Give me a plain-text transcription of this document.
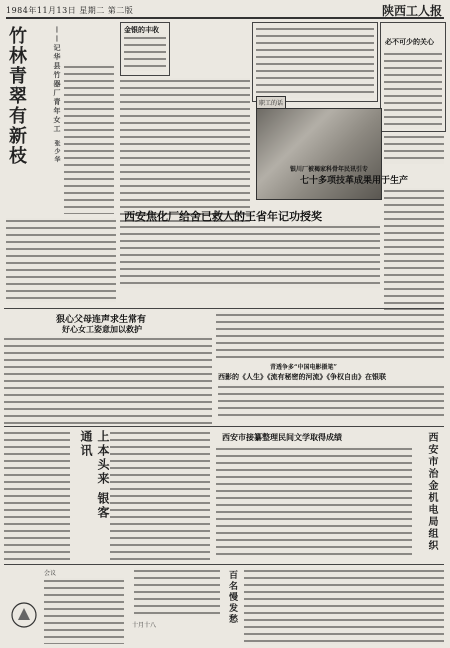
1984年11月13日 星期二 第二版	陕西工人报
竹林青翠有新枝	——记华县竹器厂青年女工
张少华
金银的丰收
职工的话
必不可少的关心
银川厂被褐家科骨年民讯引专
七十多项技革成果用于生产
西安焦化厂给舍已救人的王省年记功授奖
狠心父母连声求生常有
好心女工姿意加以救护
青透争多“中国电影摄笔”
西影的《人生》《流有秘密的河流》《争权自由》在银联
上本头来 银客通讯	西安市接纂整理民间文学取得成绩	西安市治金机电局组织
会议
十月十八
百名慢发愁
